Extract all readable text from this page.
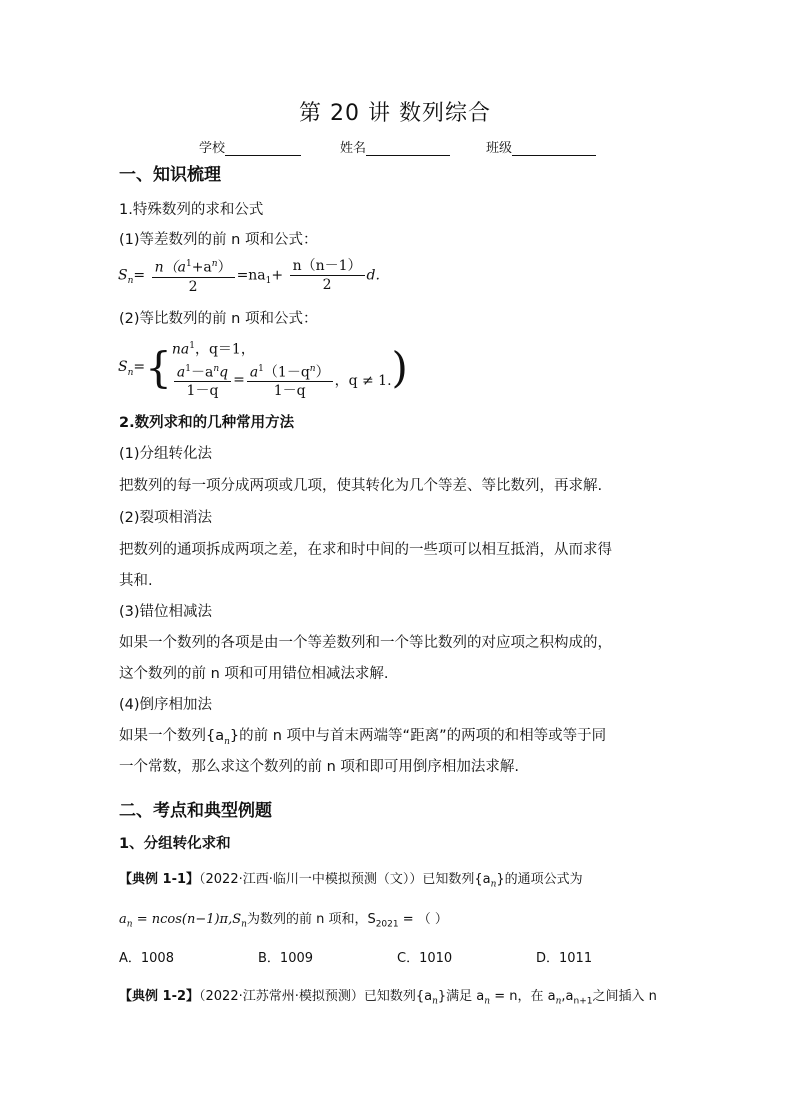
第 20 讲 数列综合
学校	姓名	班级
一、知识梳理
1.特殊数列的求和公式
(1)等差数列的前 n 项和公式：
$S_n= \frac{n(a^1+a^n)}{2} =na_1+ \frac{n(n-1)}{2} d$.
(2)等比数列的前 n 项和公式：
$S_n=$ { $na^1$，q＝1，
$\frac{a^1-a^nq}{1-q} = \frac{a^1(1-q^n)}{1-q}$ ，q ≠ 1. )
2.数列求和的几种常用方法
(1)分组转化法
把数列的每一项分成两项或几项，使其转化为几个等差、等比数列，再求解.
(2)裂项相消法
把数列的通项拆成两项之差，在求和时中间的一些项可以相互抵消，从而求得
其和.
(3)错位相减法
如果一个数列的各项是由一个等差数列和一个等比数列的对应项之积构成的，
这个数列的前 n 项和可用错位相减法求解.
(4)倒序相加法
如果一个数列$\{a_n\}$的前 n 项中与首末两端等“距离”的两项的和相等或等于同
一个常数，那么求这个数列的前 n 项和即可用倒序相加法求解.
二、考点和典型例题
1、分组转化求和
【典例 1-1】（2022·江西·临川一中模拟预测（文））已知数列$\{a_n\}$的通项公式为
$a_n = ncos(n-1)\pi,S_n$为数列的前 n 项和，$S_{2021}$ = （ ）
A．1008	B．1009	C．1010	D．1011
【典例 1-2】（2022·江苏常州·模拟预测）已知数列$\{a_n\}$满足 $a_n = n$，在 $a_n,a_{n+1}$之间插入 n
